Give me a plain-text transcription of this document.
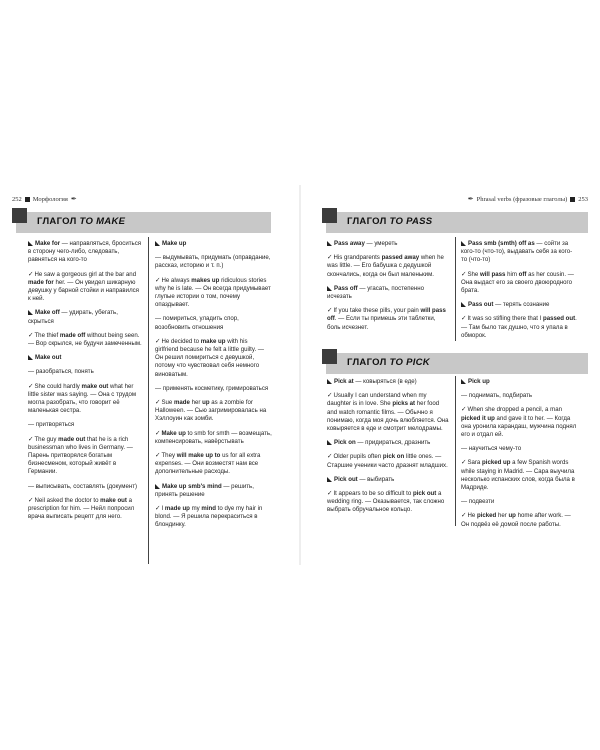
252 Морфология ✒	✒ Phrasal verbs (фразовые глаголы) 253
ГЛАГОЛ TO MAKE	ГЛАГОЛ TO PASS
ГЛАГОЛ TO PICK

Make for — направляться, броситься в сторону чего-либо, следовать, равняться на кого-то

✓He saw a gorgeous girl at the bar and made for her. — Он увидел шикарную девушку у барной стойки и направился к ней.

Make off — удирать, убегать, скрыться

✓The thief made off without being seen. — Вор скрылся, не будучи замеченным.

Make out

— разобраться, понять

✓She could hardly make out what her little sister was saying. — Она с трудом могла разобрать, что говорит её маленькая сестра.

— притворяться

✓The guy made out that he is a rich businessman who lives in Germany. — Парень притворялся богатым бизнесменом, который живёт в Германии.

— выписывать, составлять (документ)

✓Neil asked the doctor to make out a prescription for him. — Нейл попросил врача выписать рецепт для него.

Make up

— выдумывать, придумать (оправдание, рассказ, историю и т. п.)

✓He always makes up ridiculous stories why he is late. — Он всегда придумывает глупые истории о том, почему опаздывает.

— помириться, уладить спор, возобновить отношения

✓He decided to make up with his girlfriend because he felt a little guilty. — Он решил помириться с девушкой, потому что чувствовал себя немного виноватым.

— применять косметику, гримироваться

✓Sue made her up as a zombie for Halloween. — Сью загримировалась на Хэллоуин как зомби.

✓Make up to smb for smth — возмещать, компенсировать, навёрстывать

✓They will make up to us for all extra expenses. — Они возместят нам все дополнительные расходы.

Make up smb's mind — решить, принять решение

✓I made up my mind to dye my hair in blond. — Я решила перекраситься в блондинку.

Pass away — умереть

✓His grandparents passed away when he was little. — Его бабушка с дедушкой скончались, когда он был маленьким.

Pass off — угасать, постепенно исчезать

✓If you take these pills, your pain will pass off. — Если ты примешь эти таблетки, боль исчезнет.

Pass smb (smth) off as — сойти за кого-то (что-то), выдавать себя за кого-то (что-то)

✓She will pass him off as her cousin. — Она выдаст его за своего двоюродного брата.

Pass out — терять сознание

✓It was so stifling there that I passed out. — Там было так душно, что я упала в обморок.

Pick at — ковыряться (в еде)

✓Usually I can understand when my daughter is in love. She picks at her food and watch romantic films. — Обычно я понимаю, когда моя дочь влюбляется. Она ковыряется в еде и смотрит мелодрамы.

Pick on — придираться, дразнить

✓Older pupils often pick on little ones. — Старшие ученики часто дразнят младших.

Pick out — выбирать

✓It appears to be so difficult to pick out a wedding ring. — Оказывается, так сложно выбрать обручальное кольцо.

Pick up

— поднимать, подбирать

✓When she dropped a pencil, a man picked it up and gave it to her. — Когда она уронила карандаш, мужчина поднял его и отдал ей.

— научиться чему-то

✓Sara picked up a few Spanish words while staying in Madrid. — Сара выучила несколько испанских слов, когда была в Мадриде.

— подвезти

✓He picked her up home after work. — Он подвёз её домой после работы.
